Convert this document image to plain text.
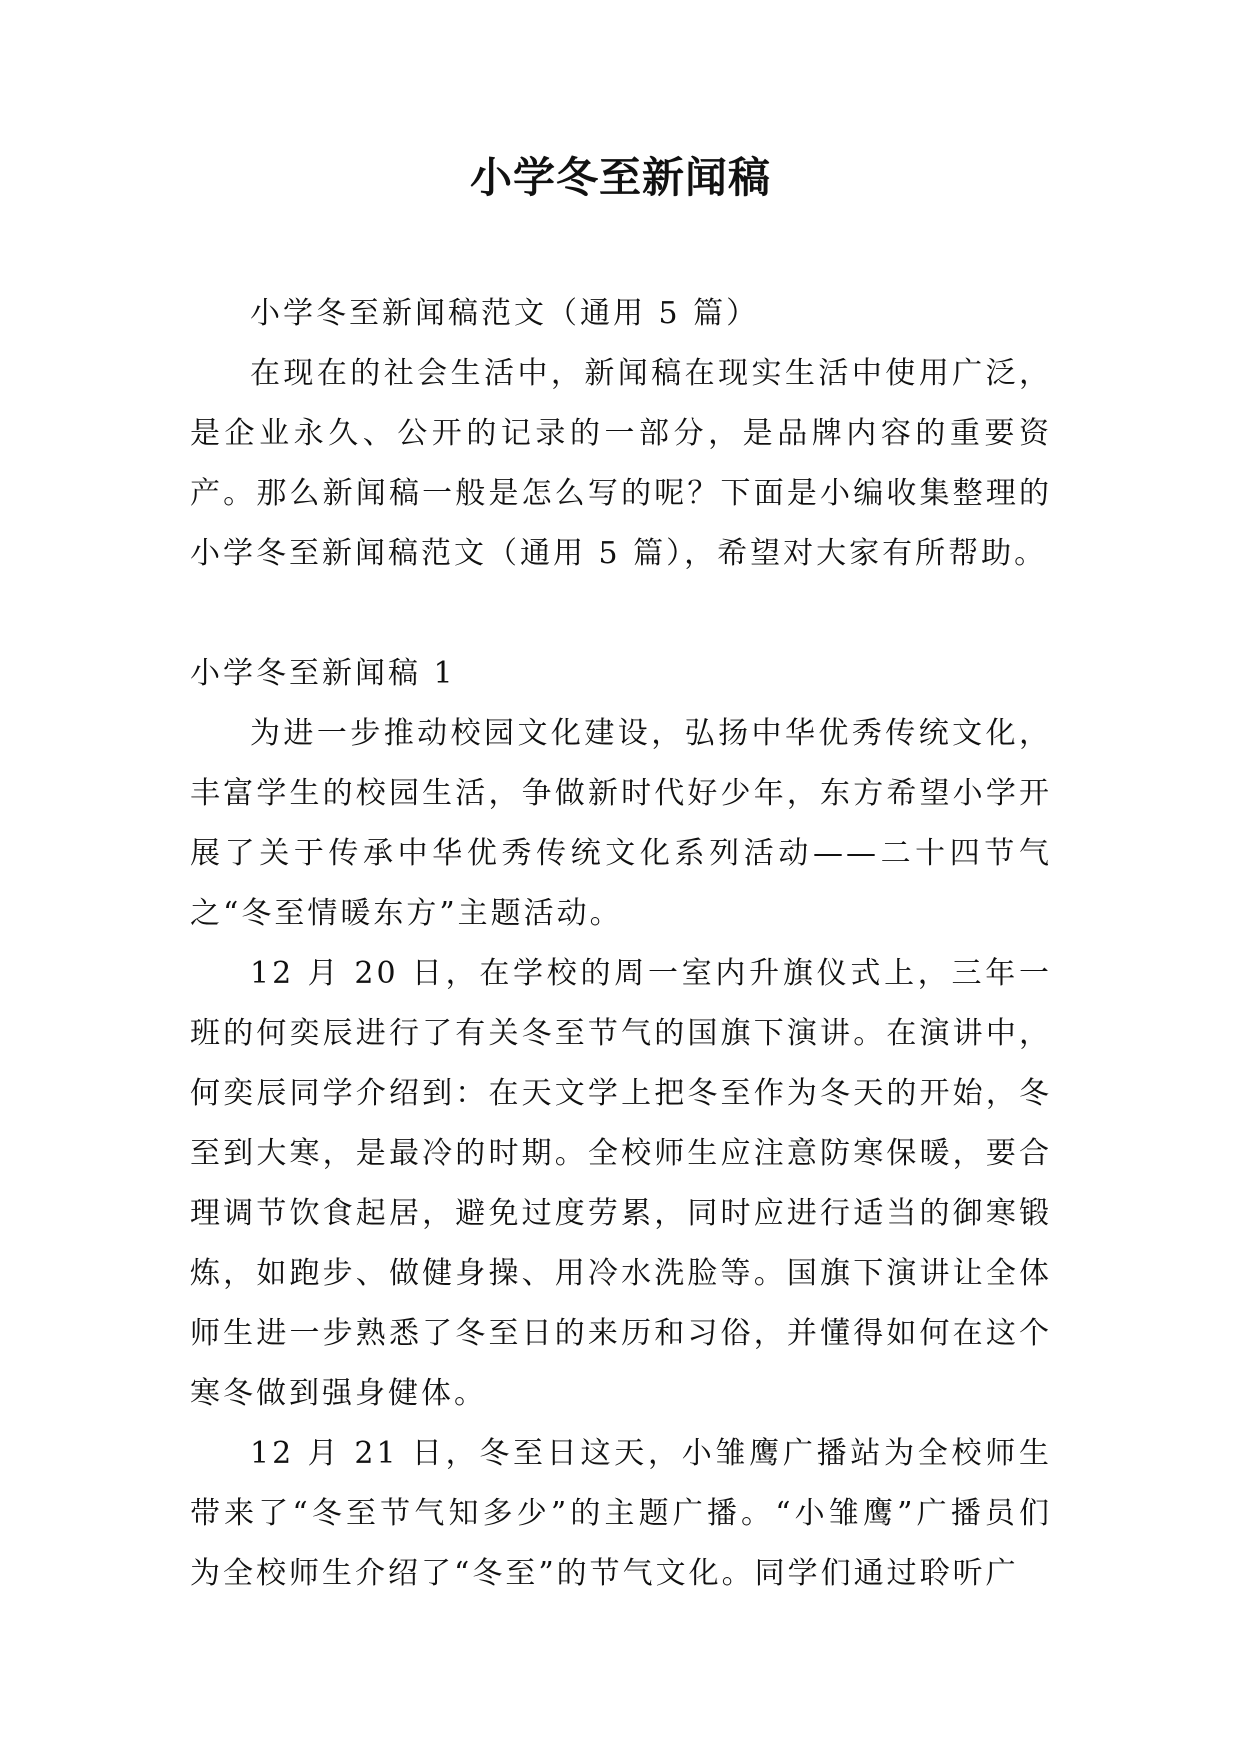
小学冬至新闻稿

小学冬至新闻稿范文（通用 5 篇）

在现在的社会生活中，新闻稿在现实生活中使用广泛，是企业永久、公开的记录的一部分，是品牌内容的重要资产。那么新闻稿一般是怎么写的呢？下面是小编收集整理的小学冬至新闻稿范文（通用 5 篇），希望对大家有所帮助。

小学冬至新闻稿 1

为进一步推动校园文化建设，弘扬中华优秀传统文化，丰富学生的校园生活，争做新时代好少年，东方希望小学开展了关于传承中华优秀传统文化系列活动——二十四节气之“冬至情暖东方”主题活动。

12 月 20 日，在学校的周一室内升旗仪式上，三年一班的何奕辰进行了有关冬至节气的国旗下演讲。在演讲中，何奕辰同学介绍到：在天文学上把冬至作为冬天的开始，冬至到大寒，是最冷的时期。全校师生应注意防寒保暖，要合理调节饮食起居，避免过度劳累，同时应进行适当的御寒锻炼，如跑步、做健身操、用冷水洗脸等。国旗下演讲让全体师生进一步熟悉了冬至日的来历和习俗，并懂得如何在这个寒冬做到强身健体。

12 月 21 日，冬至日这天，小雏鹰广播站为全校师生带来了“冬至节气知多少”的主题广播。“小雏鹰”广播员们为全校师生介绍了“冬至”的节气文化。同学们通过聆听广
